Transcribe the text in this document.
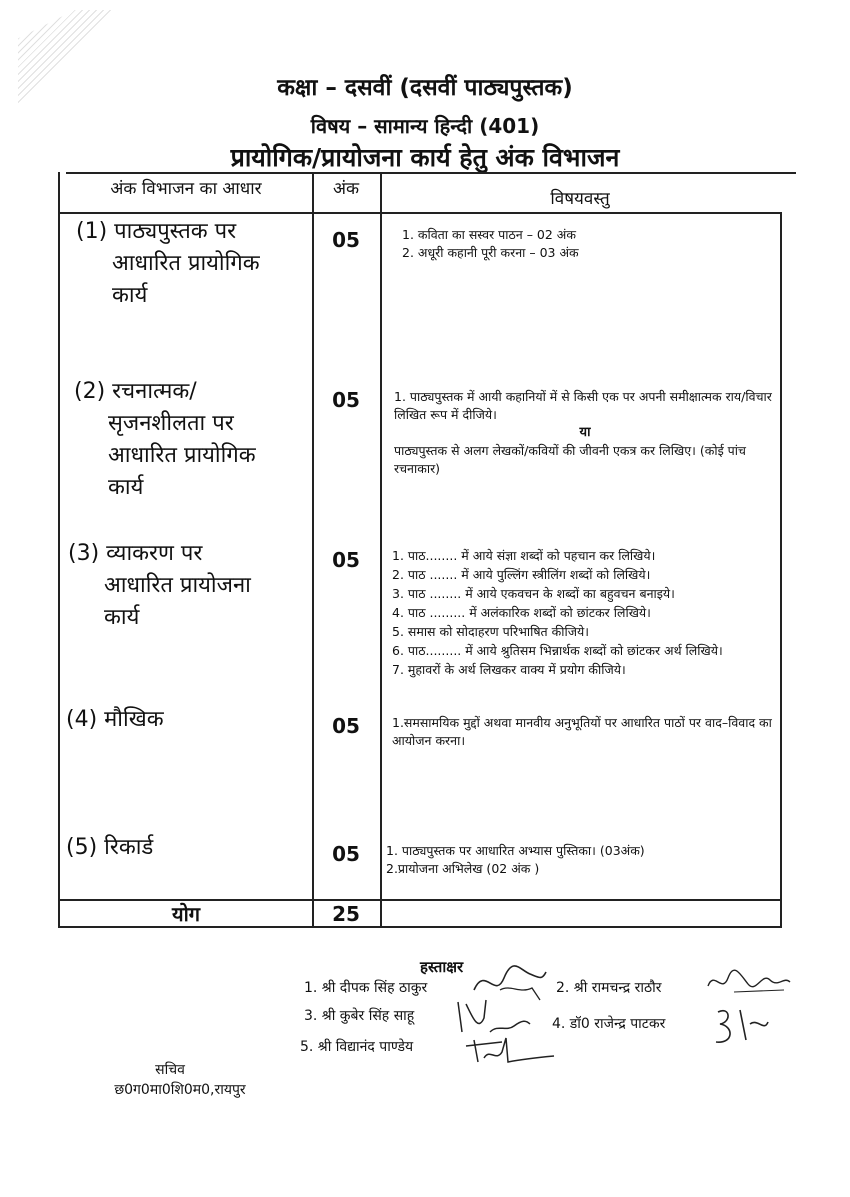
कक्षा – दसवीं (दसवीं पाठ्यपुस्तक)
विषय – सामान्य हिन्दी (401)
प्रायोगिक/प्रायोजना कार्य हेतु अंक विभाजन
अंक विभाजन का आधार	अंक	विषयवस्तु
(1) पाठ्यपुस्तक पर
आधारित प्रायोगिक
कार्य
05	1. कविता का सस्वर पाठन – 02 अंक
2. अधूरी कहानी पूरी करना – 03 अंक
(2) रचनात्मक/
सृजनशीलता पर
आधारित प्रायोगिक
कार्य
05	1. पाठ्यपुस्तक में आयी कहानियों में से किसी एक पर अपनी समीक्षात्मक राय/विचार लिखित रूप में दीजिये।
या
पाठ्यपुस्तक से अलग लेखकों/कवियों की जीवनी एकत्र कर लिखिए। (कोई पांच रचनाकार)
(3) व्याकरण पर
आधारित प्रायोजना
कार्य
05	1. पाठ........ में आये संज्ञा शब्दों को पहचान कर लिखिये।
2. पाठ ....... में आये पुल्लिंग स्त्रीलिंग शब्दों को लिखिये।
3. पाठ ........ में आये एकवचन के शब्दों का बहुवचन बनाइये।
4. पाठ ......... में अलंकारिक शब्दों को छांटकर लिखिये।
5. समास को सोदाहरण परिभाषित कीजिये।
6. पाठ......... में आये श्रुतिसम भिन्नार्थक शब्दों को छांटकर अर्थ लिखिये।
7. मुहावरों के अर्थ लिखकर वाक्य में प्रयोग कीजिये।
(4) मौखिक	05	1.समसामयिक मुद्दों अथवा मानवीय अनुभूतियों पर आधारित पाठों पर वाद–विवाद का आयोजन करना।
(5) रिकार्ड	05	1. पाठ्यपुस्तक पर आधारित अभ्यास पुस्तिका। (03अंक)
2.प्रायोजना अभिलेख (02 अंक )
योग	25
हस्ताक्षर
1. श्री दीपक सिंह ठाकुर	2. श्री रामचन्द्र राठौर
3. श्री कुबेर सिंह साहू	4. डॉ0 राजेन्द्र पाटकर
5. श्री विद्यानंद पाण्डेय
सचिव
छ0ग0मा0शि0म0,रायपुर
